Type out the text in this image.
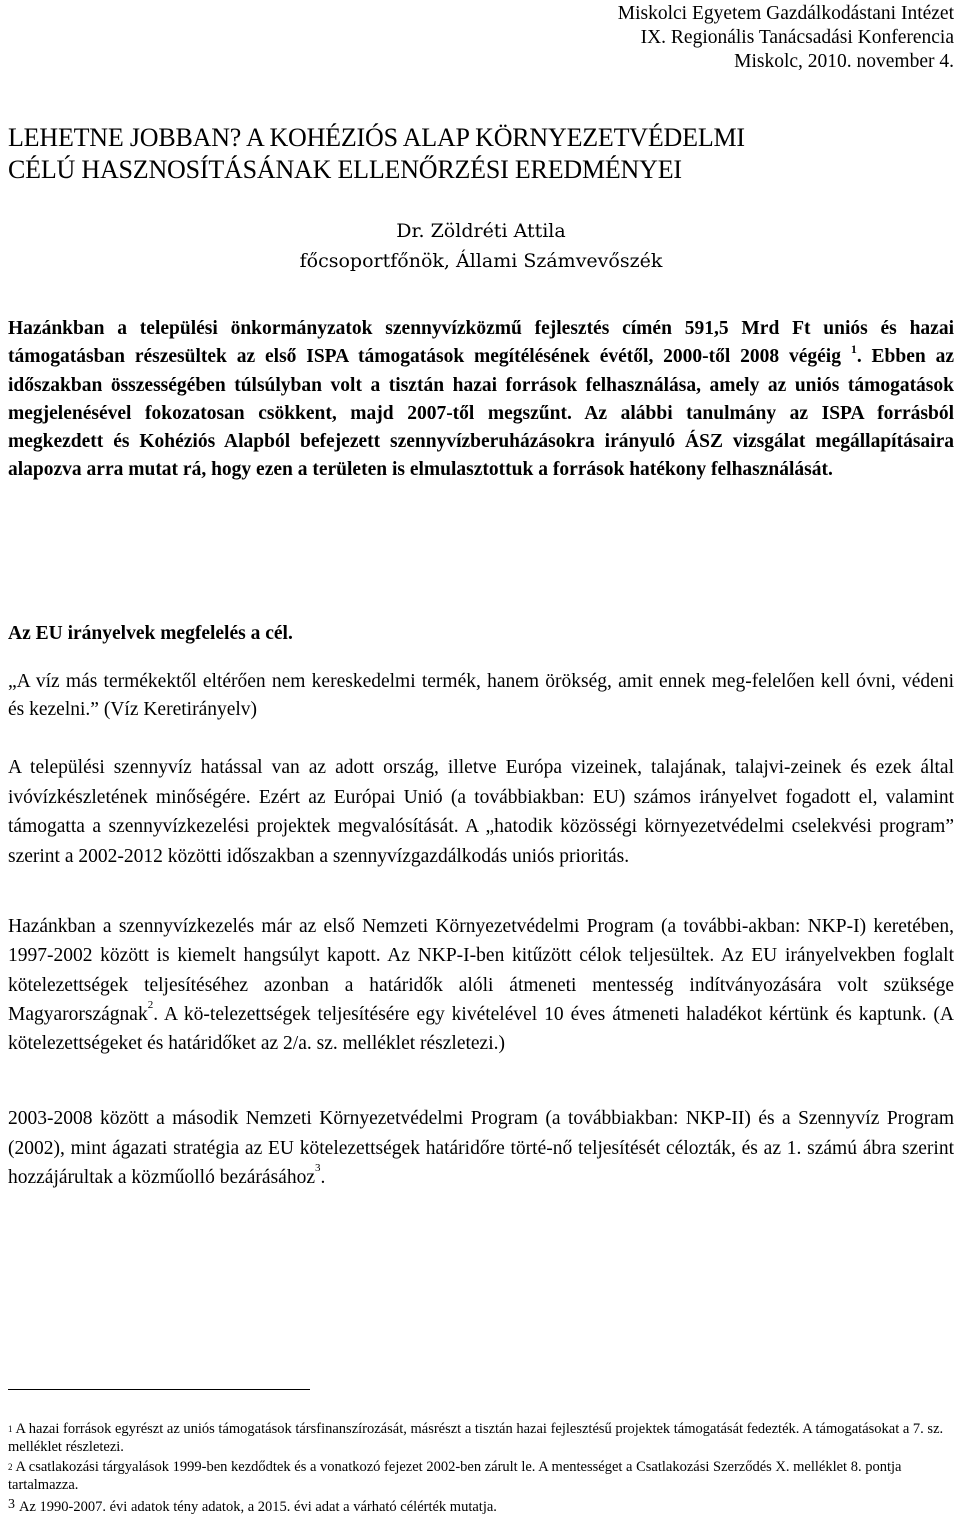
Miskolci Egyetem Gazdálkodástani Intézet
IX. Regionális Tanácsadási Konferencia
Miskolc, 2010. november 4.
LEHETNE JOBBAN? A KOHÉZIÓS ALAP KÖRNYEZETVÉDELMI
CÉLÚ HASZNOSÍTÁSÁNAK ELLENŐRZÉSI EREDMÉNYEI
Dr. Zöldréti Attila
főcsoportfőnök, Állami Számvevőszék

Hazánkban a települési önkormányzatok szennyvízközmű fejlesztés címén 591,5 Mrd Ft uniós és hazai támogatásban részesültek az első ISPA támogatások megítélésének évétől, 2000-től 2008 végéig $^1$. Ebben az időszakban összességében túlsúlyban volt a tisztán hazai források felhasználása, amely az uniós támogatások megjelenésével fokozatosan csökkent, majd 2007-től megszűnt. Az alábbi tanulmány az ISPA forrásból megkezdett és Kohéziós Alapból befejezett szennyvízberuházásokra irányuló ÁSZ vizsgálat megállapításaira alapozva arra mutat rá, hogy ezen a területen is elmulasztottuk a források hatékony felhasználását.

Az EU irányelvek megfelelés a cél.

„A víz más termékektől eltérően nem kereskedelmi termék, hanem örökség, amit ennek meg-felelően kell óvni, védeni és kezelni.” (Víz Keretirányelv)

A települési szennyvíz hatással van az adott ország, illetve Európa vizeinek, talajának, talajvi-zeinek és ezek által ivóvízkészletének minőségére. Ezért az Európai Unió (a továbbiakban: EU) számos irányelvet fogadott el, valamint támogatta a szennyvízkezelési projektek megvalósítását. A „hatodik közösségi környezetvédelmi cselekvési program” szerint a 2002-2012 közötti időszakban a szennyvízgazdálkodás uniós prioritás.

Hazánkban a szennyvízkezelés már az első Nemzeti Környezetvédelmi Program (a további-akban: NKP-I) keretében, 1997-2002 között is kiemelt hangsúlyt kapott. Az NKP-I-ben kitűzött célok teljesültek. Az EU irányelvekben foglalt kötelezettségek teljesítéséhez azonban a határidők alóli átmeneti mentesség indítványozására volt szüksége Magyarországnak$^2$. A kö-telezettségek teljesítésére egy kivételével 10 éves átmeneti haladékot kértünk és kaptunk. (A kötelezettségeket és határidőket az 2/a. sz. melléklet részletezi.)

2003-2008 között a második Nemzeti Környezetvédelmi Program (a továbbiakban: NKP-II) és a Szennyvíz Program (2002), mint ágazati stratégia az EU kötelezettségek határidőre törté-nő teljesítését célozták, és az 1. számú ábra szerint hozzájárultak a közműolló bezárásához$^3$.

1 A hazai források egyrészt az uniós támogatások társfinanszírozását, másrészt a tisztán hazai fejlesztésű projektek támogatását fedezték. A támogatásokat a 7. sz. melléklet részletezi.

2 A csatlakozási tárgyalások 1999-ben kezdődtek és a vonatkozó fejezet 2002-ben zárult le. A mentességet a Csatlakozási Szerződés X. melléklet 8. pontja tartalmazza.

3 Az 1990-2007. évi adatok tény adatok, a 2015. évi adat a várható célérték mutatja.
